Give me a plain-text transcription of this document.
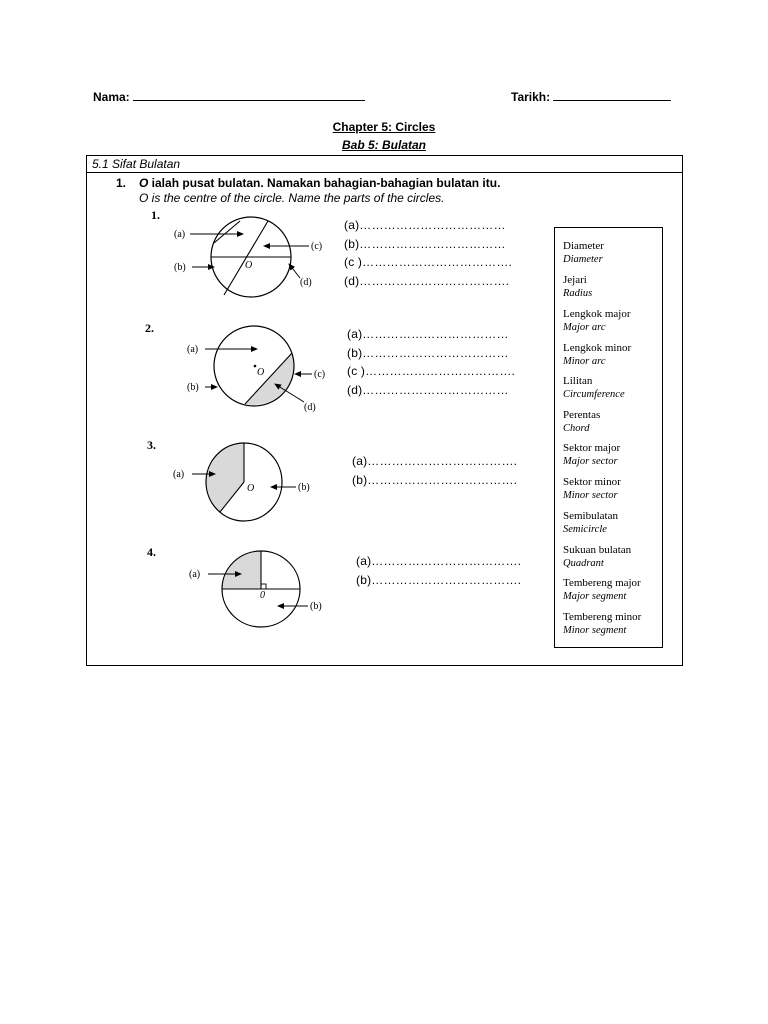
Nama:	Tarikh:
Chapter 5: Circles
Bab 5: Bulatan
5.1 Sifat Bulatan
1. O ialah pusat bulatan. Namakan bahagian-bahagian bulatan itu.
O is the centre of the circle. Name the parts of the circles.
1.
2.
3.
4.
O
(a)
(b)
(c)
(d)
O
(a)
(b)
(c)
(d)
O
(a)
(b)
0
(a)
(b)
(a)………………………………
(b)………………………………
(c )……………………………….
(d)……………………………….
(a)………………………………
(b)………………………………
(c )……………………………….
(d)………………………………
(a)……………………………….
(b)……………………………….
(a)……………………………….
(b)……………………………….
Diameter
Diameter
Jejari
Radius
Lengkok major
Major arc
Lengkok minor
Minor arc
Lilitan
Circumference
Perentas
Chord
Sektor major
Major sector
Sektor minor
Minor sector
Semibulatan
Semicircle
Sukuan bulatan
Quadrant
Tembereng major
Major segment
Tembereng minor
Minor segment
